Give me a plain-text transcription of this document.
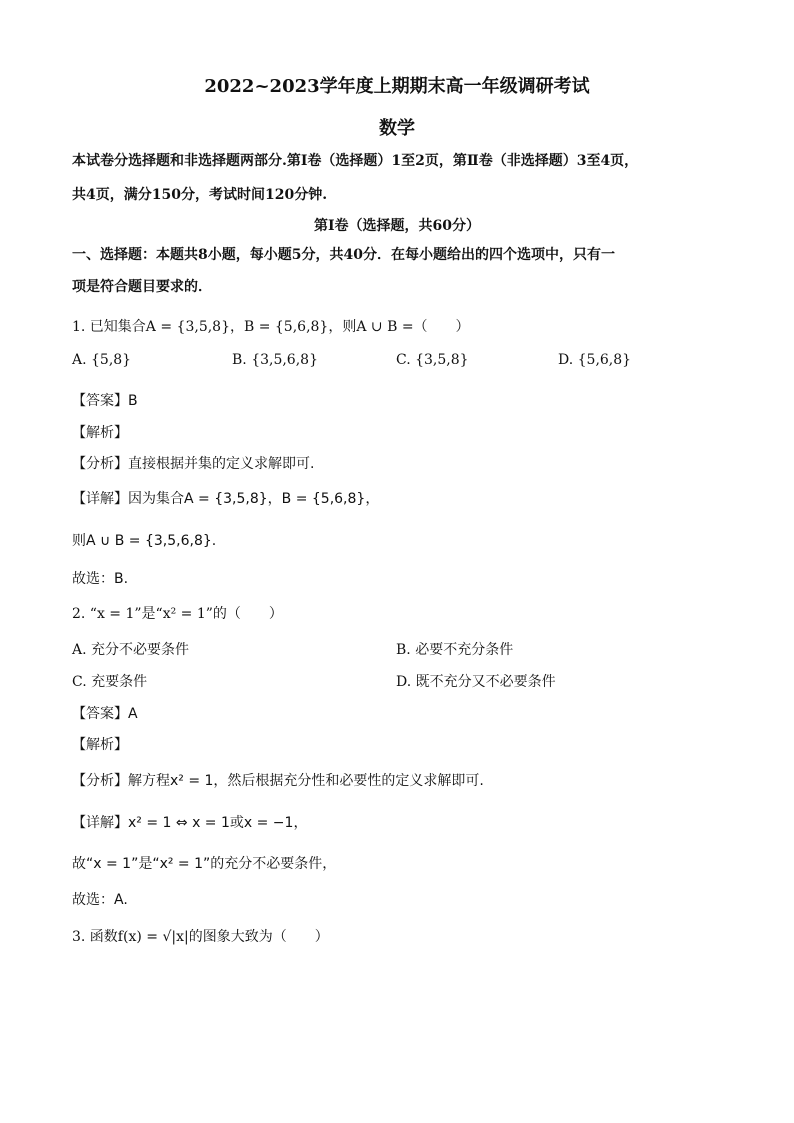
2022~2023学年度上期期末高一年级调研考试
数学
本试卷分选择题和非选择题两部分.第Ⅰ卷（选择题）1至2页，第Ⅱ卷（非选择题）3至4页，
共4页，满分150分，考试时间120分钟.
第Ⅰ卷（选择题，共60分）
一、选择题：本题共8小题，每小题5分，共40分．在每小题给出的四个选项中，只有一
项是符合题目要求的．
1. 已知集合A = {3,5,8}，B = {5,6,8}，则A ∪ B =（　　）
A. {5,8}	B. {3,5,6,8}	C. {3,5,8}	D. {5,6,8}
【答案】B
【解析】
【分析】直接根据并集的定义求解即可.
【详解】因为集合A = {3,5,8}，B = {5,6,8}，
则A ∪ B = {3,5,6,8}.
故选：B.
2. “x = 1”是“x² = 1”的（　　）
A. 充分不必要条件	B. 必要不充分条件
C. 充要条件	D. 既不充分又不必要条件
【答案】A
【解析】
【分析】解方程x² = 1，然后根据充分性和必要性的定义求解即可.
【详解】x² = 1 ⇔ x = 1或x = −1，
故“x = 1”是“x² = 1”的充分不必要条件，
故选：A.
3. 函数f(x) = √|x|的图象大致为（　　）
